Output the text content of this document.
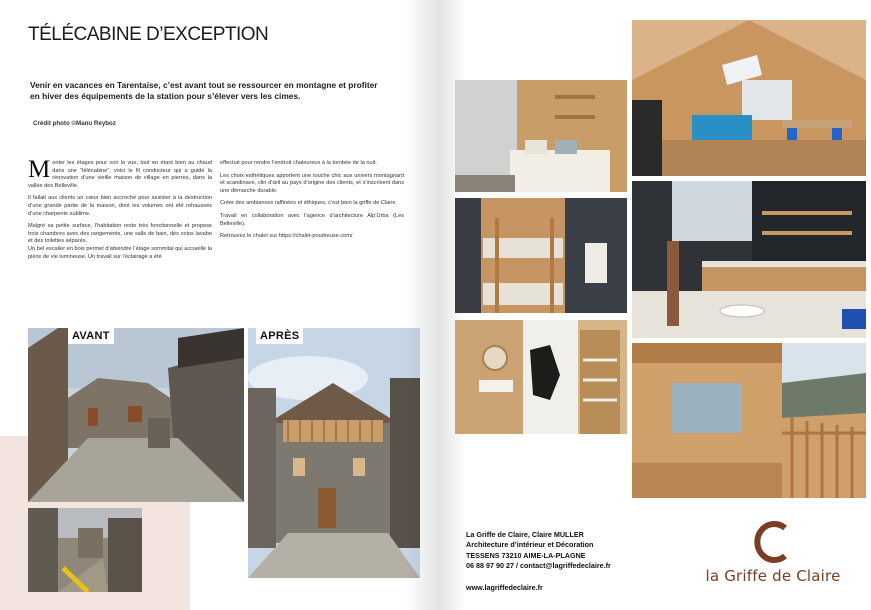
TÉLÉCABINE D’EXCEPTION
Venir en vacances en Tarentaise, c’est avant tout se ressourcer en montagne et profiter en hiver des équipements de la station pour s’élever vers les cimes.
Crédit photo ©Manu Reyboz

Monter les étages pour voir la vue, tout en étant bien au chaud dans une “télécabine”, voici le fil conducteur qui a guidé la rénovation d’une vieille maison de village en pierres, dans la vallée des Belleville.

Il fallait aux clients un cœur bien accroché pour assister à la destruction d’une grande partie de la maison, dont les volumes ont été rehaussés d’une charpente sublime.

Malgré sa petite surface, l’habitation reste très fonctionnelle et propose trois chambres avec des rangements, une salle de bain, des coins lavabo et des toilettes séparés.
Un bel escalier en bois permet d’atteindre l’étage sommital qui accueille la pièce de vie lumineuse. Un travail sur l’éclairage a été

effectué pour rendre l’endroit chaleureux à la tombée de la nuit.

Les choix esthétiques apportent une touche chic aux univers montagnard et scandinave, clin d’œil au pays d’origine des clients, et s’inscrivent dans une démarche durable.

Créer des ambiances raffinées et éthiques, c’est bien la griffe de Claire.

Travail en collaboration avec l’agence d’architecture Alp’Urba (Les Belleville).

Retrouvez le chalet sur https://chalet-poudreuse.com/

AVANT	APRÈS
La Griffe de Claire, Claire MULLER
Architecture d’intérieur et Décoration
TESSENS 73210 AIME-LA-PLAGNE
06 88 97 90 27 / contact@lagriffedeclaire.fr
www.lagriffedeclaire.fr
la Griffe de Claire
